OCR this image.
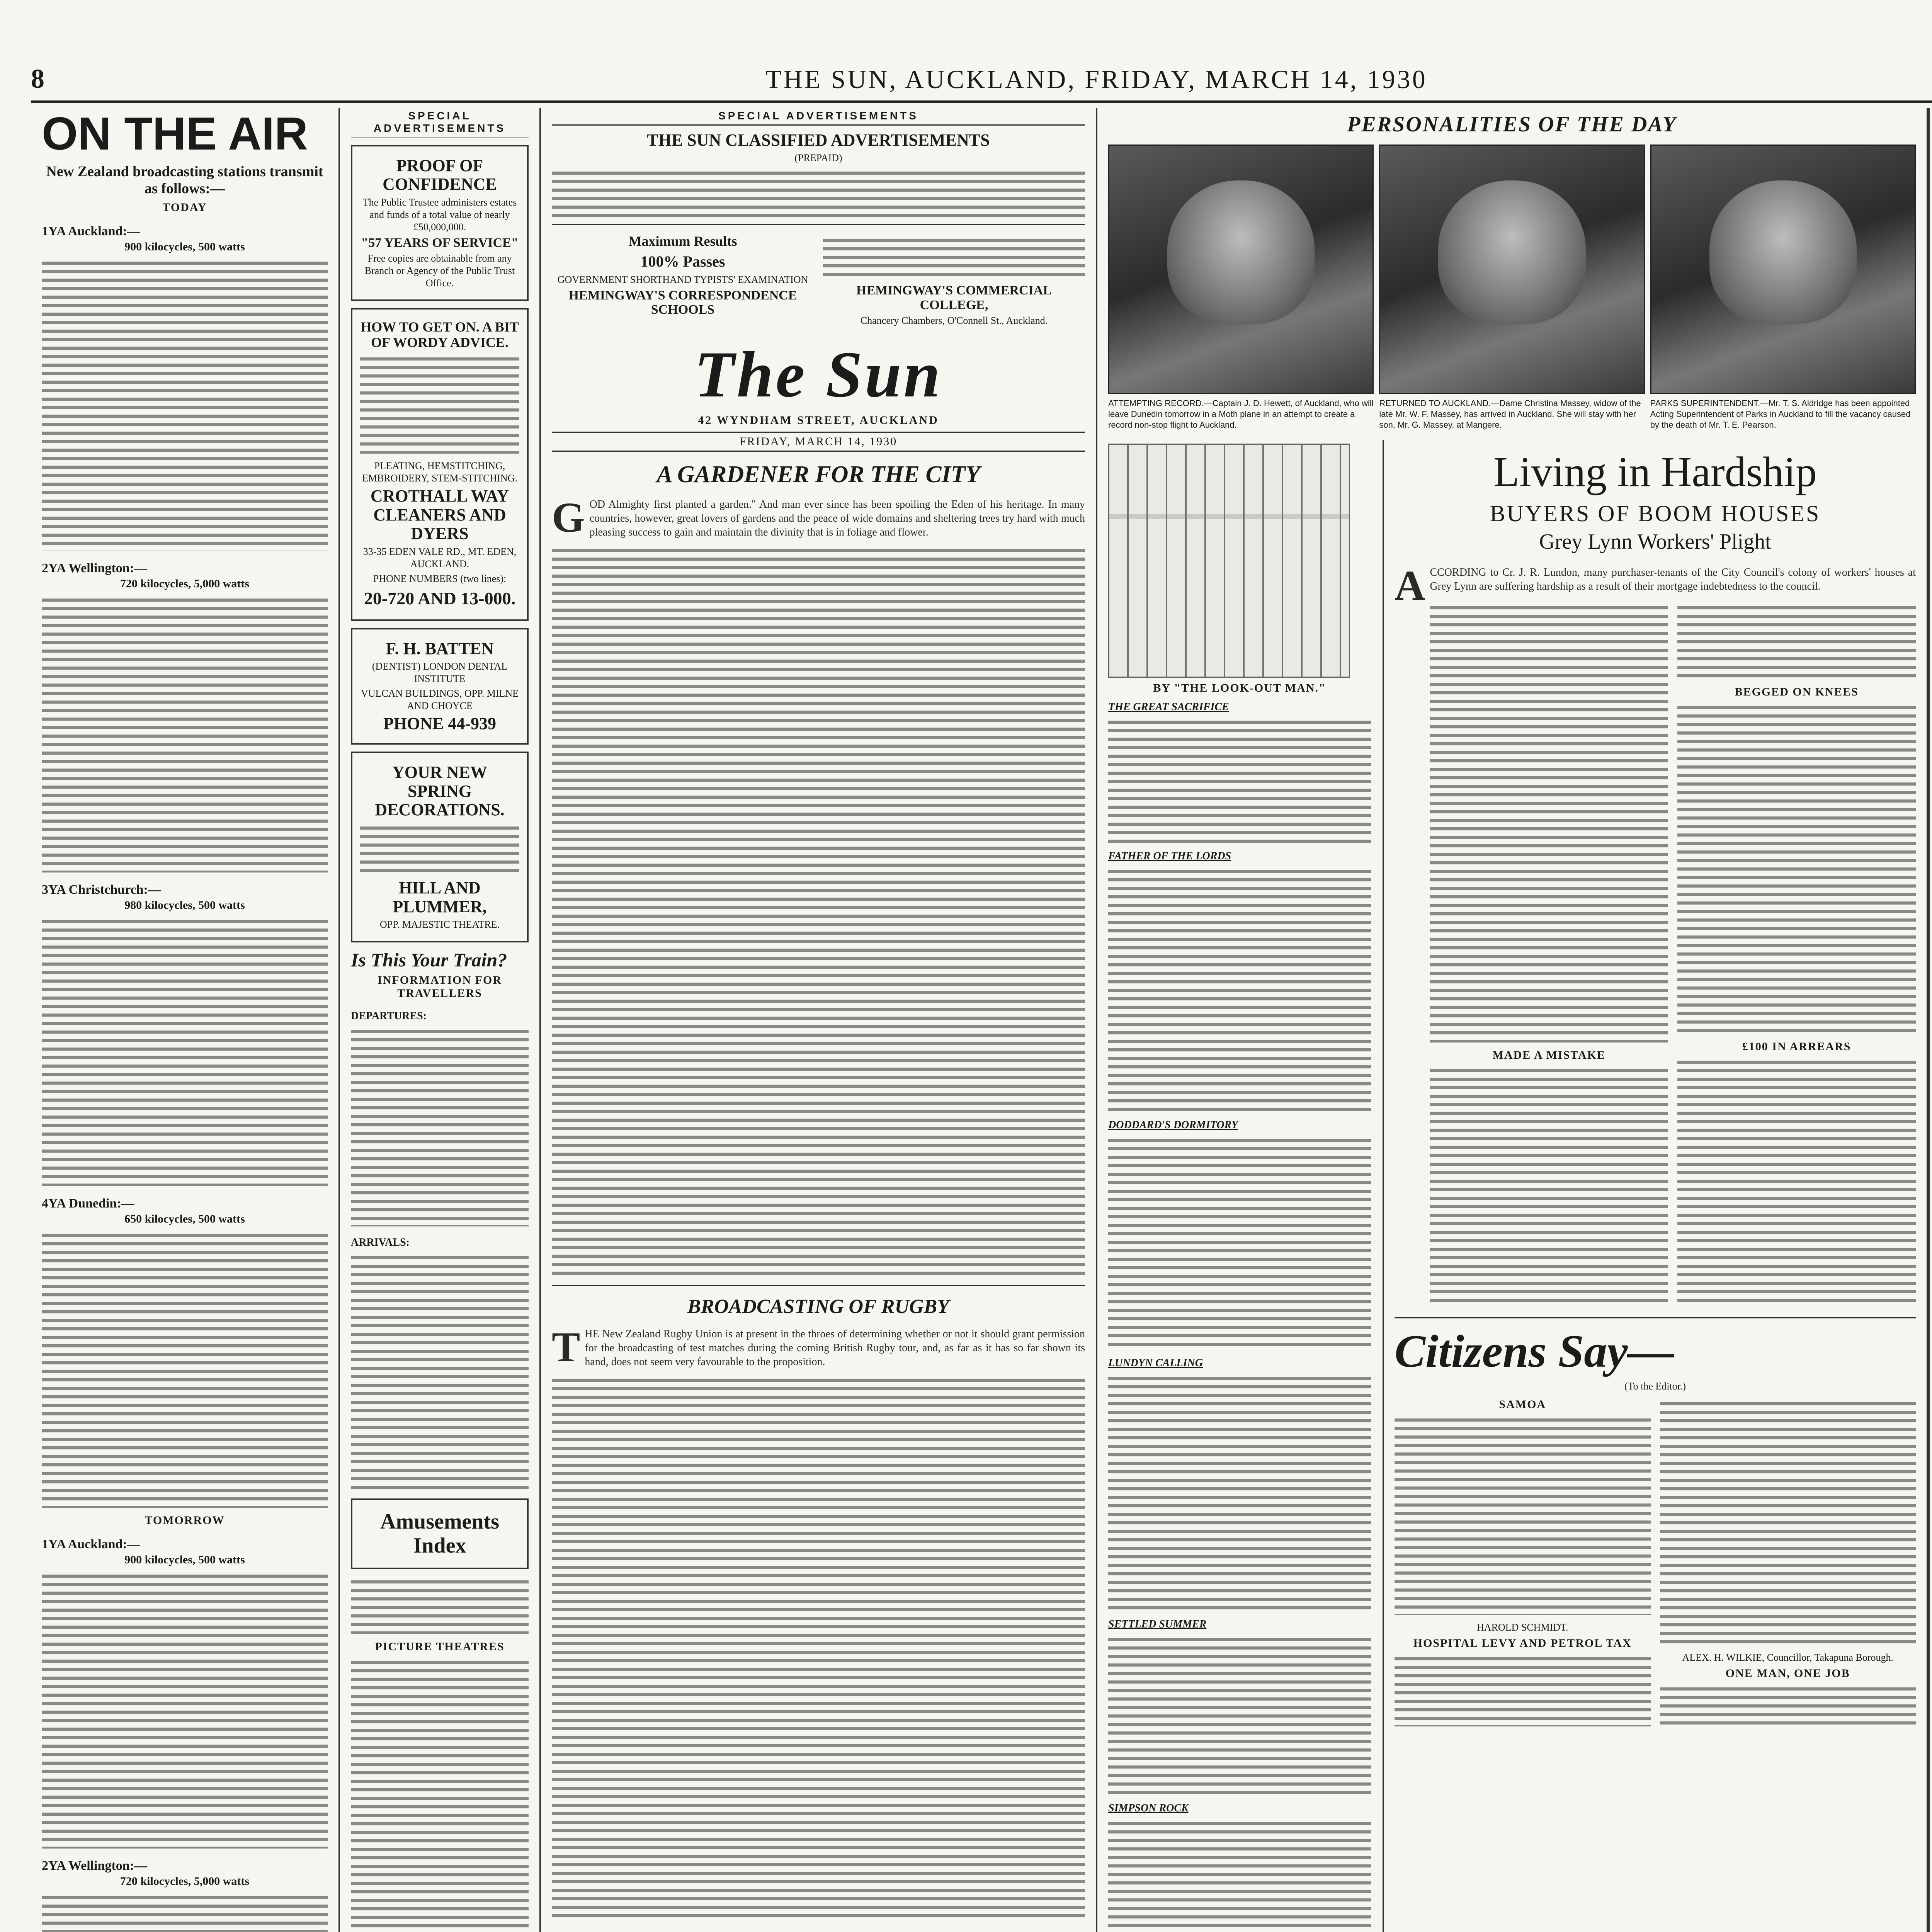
8	THE SUN, AUCKLAND, FRIDAY, MARCH 14, 1930
ON THE AIR
New Zealand broadcasting stations transmit as follows:—
TODAY
1YA Auckland:—
900 kilocycles, 500 watts
2YA Wellington:—
720 kilocycles, 5,000 watts
3YA Christchurch:—
980 kilocycles, 500 watts
4YA Dunedin:—
650 kilocycles, 500 watts
TOMORROW
1YA Auckland:—
900 kilocycles, 500 watts
2YA Wellington:—
720 kilocycles, 5,000 watts
SPECIAL ADVERTISEMENTS
PROOF OF CONFIDENCE
The Public Trustee administers estates and funds of a total value of nearly £50,000,000.
"57 YEARS OF SERVICE"
Free copies are obtainable from any Branch or Agency of the Public Trust Office.
HOW TO GET ON. A BIT OF WORDY ADVICE.
PLEATING, HEMSTITCHING, EMBROIDERY, STEM-STITCHING.
CROTHALL WAY CLEANERS AND DYERS
33-35 EDEN VALE RD., MT. EDEN, AUCKLAND.
PHONE NUMBERS (two lines):
20-720 AND 13-000.
F. H. BATTEN
(DENTIST) LONDON DENTAL INSTITUTE
VULCAN BUILDINGS, OPP. MILNE AND CHOYCE
PHONE 44-939
YOUR NEW SPRING DECORATIONS.
HILL AND PLUMMER,
OPP. MAJESTIC THEATRE.
Is This Your Train?
INFORMATION FOR TRAVELLERS
DEPARTURES:
ARRIVALS:
Amusements Index
PICTURE THEATRES
SPECIAL ADVERTISEMENTS
THE SUN CLASSIFIED ADVERTISEMENTS
(PREPAID)
Maximum Results
100% Passes
GOVERNMENT SHORTHAND TYPISTS' EXAMINATION
HEMINGWAY'S CORRESPONDENCE SCHOOLS
HEMINGWAY'S COMMERCIAL COLLEGE,
Chancery Chambers, O'Connell St., Auckland.
The Sun
42 WYNDHAM STREET, AUCKLAND
FRIDAY, MARCH 14, 1930
A GARDENER FOR THE CITY

GOD Almighty first planted a garden." And man ever since has been spoiling the Eden of his heritage. In many countries, however, great lovers of gardens and the peace of wide domains and sheltering trees try hard with much pleasing success to gain and maintain the divinity that is in foliage and flower.

BROADCASTING OF RUGBY

THE New Zealand Rugby Union is at present in the throes of determining whether or not it should grant permission for the broadcasting of test matches during the coming British Rugby tour, and, as far as it has so far shown its hand, does not seem very favourable to the proposition.

PERSONALITIES OF THE DAY
ATTEMPTING RECORD.—Captain J. D. Hewett, of Auckland, who will leave Dunedin tomorrow in a Moth plane in an attempt to create a record non-stop flight to Auckland.
RETURNED TO AUCKLAND.—Dame Christina Massey, widow of the late Mr. W. F. Massey, has arrived in Auckland. She will stay with her son, Mr. G. Massey, at Mangere.
PARKS SUPERINTENDENT.—Mr. T. S. Aldridge has been appointed Acting Superintendent of Parks in Auckland to fill the vacancy caused by the death of Mr. T. E. Pearson.
BY "THE LOOK-OUT MAN."
THE GREAT SACRIFICE
FATHER OF THE LORDS
DODDARD'S DORMITORY
LUNDYN CALLING
SETTLED SUMMER
SIMPSON ROCK
Living in Hardship
BUYERS OF BOOM HOUSES
Grey Lynn Workers' Plight

ACCORDING to Cr. J. R. Lundon, many purchaser-tenants of the City Council's colony of workers' houses at Grey Lynn are suffering hardship as a result of their mortgage indebtedness to the council.

MADE A MISTAKE
BEGGED ON KNEES
£100 IN ARREARS
Citizens Say—
(To the Editor.)
SAMOA
HAROLD SCHMIDT.
HOSPITAL LEVY AND PETROL TAX
ALEX. H. WILKIE, Councillor, Takapuna Borough.
ONE MAN, ONE JOB
